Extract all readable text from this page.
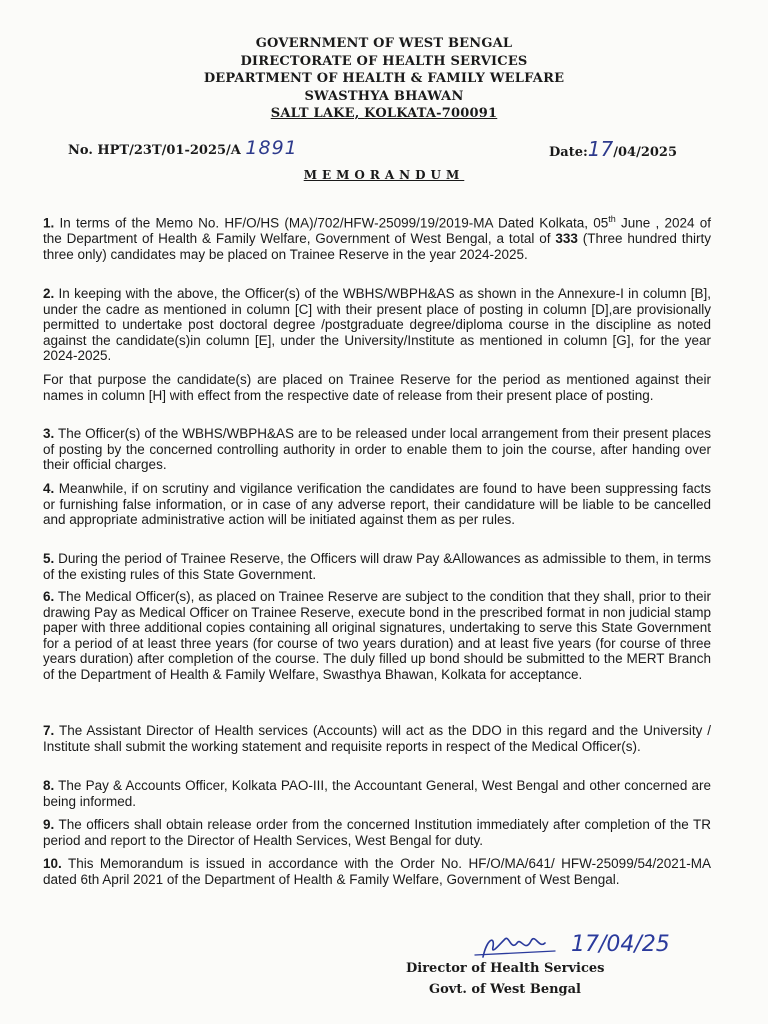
GOVERNMENT OF WEST BENGAL
DIRECTORATE OF HEALTH SERVICES
DEPARTMENT OF HEALTH & FAMILY WELFARE
SWASTHYA BHAWAN
SALT LAKE, KOLKATA-700091
No. HPT/23T/01-2025/A 1891	Date:17/04/2025
MEMORANDUM

1. In terms of the Memo No. HF/O/HS (MA)/702/HFW-25099/19/2019-MA Dated Kolkata, 05th June , 2024 of the Department of Health & Family Welfare, Government of West Bengal, a total of 333 (Three hundred thirty three only) candidates may be placed on Trainee Reserve in the year 2024-2025.

2. In keeping with the above, the Officer(s) of the WBHS/WBPH&AS as shown in the Annexure-I in column [B], under the cadre as mentioned in column [C] with their present place of posting in column [D],are provisionally permitted to undertake post doctoral degree /postgraduate degree/diploma course in the discipline as noted against the candidate(s)in column [E], under the University/Institute as mentioned in column [G], for the year 2024-2025.

For that purpose the candidate(s) are placed on Trainee Reserve for the period as mentioned against their names in column [H] with effect from the respective date of release from their present place of posting.

3. The Officer(s) of the WBHS/WBPH&AS are to be released under local arrangement from their present places of posting by the concerned controlling authority in order to enable them to join the course, after handing over their official charges.

4. Meanwhile, if on scrutiny and vigilance verification the candidates are found to have been suppressing facts or furnishing false information, or in case of any adverse report, their candidature will be liable to be cancelled and appropriate administrative action will be initiated against them as per rules.

5. During the period of Trainee Reserve, the Officers will draw Pay &Allowances as admissible to them, in terms of the existing rules of this State Government.

6. The Medical Officer(s), as placed on Trainee Reserve are subject to the condition that they shall, prior to their drawing Pay as Medical Officer on Trainee Reserve, execute bond in the prescribed format in non judicial stamp paper with three additional copies containing all original signatures, undertaking to serve this State Government for a period of at least three years (for course of two years duration) and at least five years (for course of three years duration) after completion of the course. The duly filled up bond should be submitted to the MERT Branch of the Department of Health & Family Welfare, Swasthya Bhawan, Kolkata for acceptance.

7. The Assistant Director of Health services (Accounts) will act as the DDO in this regard and the University / Institute shall submit the working statement and requisite reports in respect of the Medical Officer(s).

8. The Pay & Accounts Officer, Kolkata PAO-III, the Accountant General, West Bengal and other concerned are being informed.

9. The officers shall obtain release order from the concerned Institution immediately after completion of the TR period and report to the Director of Health Services, West Bengal for duty.

10. This Memorandum is issued in accordance with the Order No. HF/O/MA/641/ HFW-25099/54/2021-MA dated 6th April 2021 of the Department of Health & Family Welfare, Government of West Bengal.

17/04/25
Director of Health Services
Govt. of West Bengal
